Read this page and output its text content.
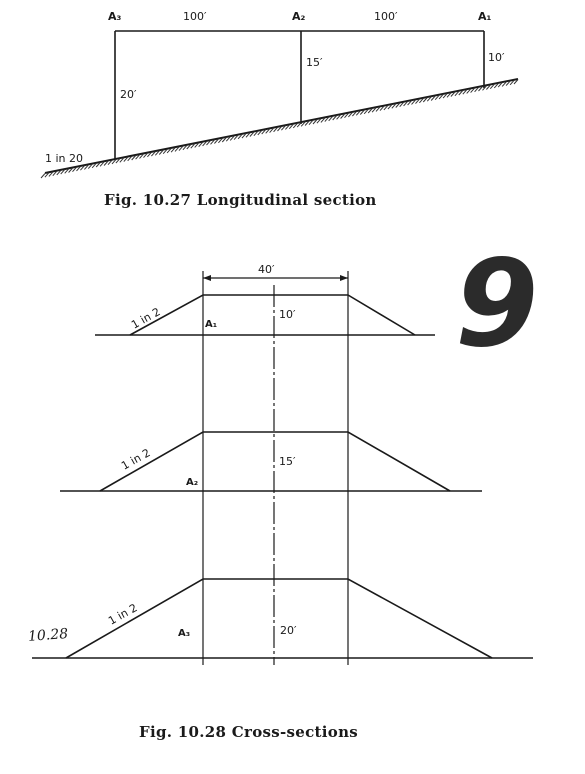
A₃	100′	A₂	100′	A₁
20′
15′	10′
1 in 20
Fig. 10.27 Longitudinal section
40′
1 in 2	A₁
10′
1 in 2
A₂
15′
1 in 2
A₃	20′
10.28
Fig. 10.28 Cross-sections
9
